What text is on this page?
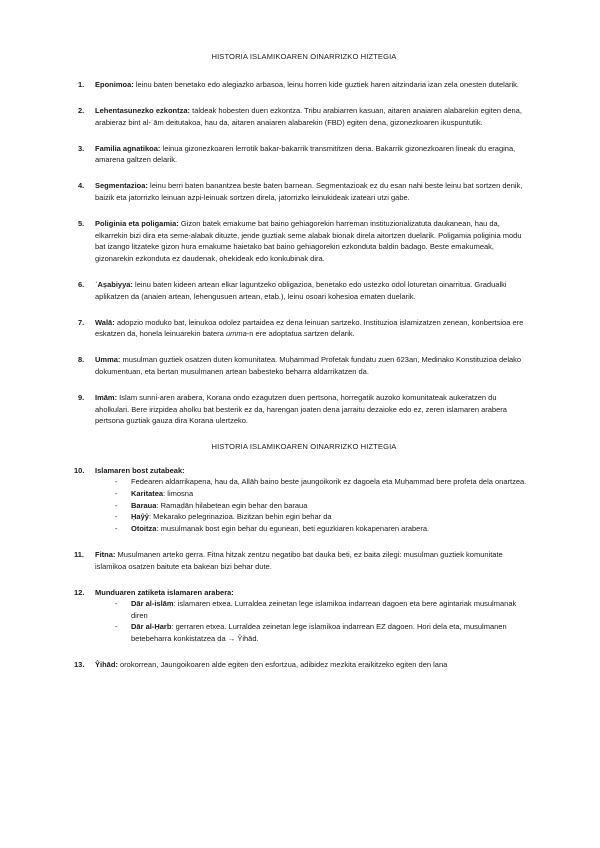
HISTORIA ISLAMIKOAREN OINARRIZKO HIZTEGIA
1. Eponimoa: leinu baten benetako edo alegiazko arbasoa, leinu horren kide guztiek haren aitzindaria izan zela onesten dutelarik.
2. Lehentasunezko ezkontza: taldeak hobesten duen ezkontza. Tribu arabiarren kasuan, aitaren anaiaren alabarekin egiten dena, arabieraz bint al-ʿām deitutakoa, hau da, aitaren anaiaren alabarekin (FBD) egiten dena, gizonezkoaren ikuspuntutik.
3. Familia agnatikoa: leinua gizonezkoaren lerrotik bakar-bakarrik transmititzen dena. Bakarrik gizonezkoaren lineak du eragina, amarena galtzen delarik.
4. Segmentazioa: leinu berri baten banantzea beste baten barnean. Segmentazioak ez du esan nahi beste leinu bat sortzen denik, baizik eta jatorrizko leinuan azpi-leinuak sortzen direla, jatorrizko leinukideak izateari utzi gabe.
5. Poliginia eta poligamia: Gizon batek emakume bat baino gehiagorekin harreman instituzionalizatuta daukanean, hau da, elkarrekin bizi dira eta seme-alabak dituzte, jende guztiak seme alabak bionak direla aitortzen duelarik. Poligamia poliginia modu bat izango litzateke gizon hura emakume haietako bat baino gehiagorekin ezkonduta baldin badago. Beste emakumeak, gizonarekin ezkonduta ez daudenak, ohekideak edo konkubinak dira.
6. ʿAṣabiyya: leinu baten kideen artean elkar laguntzeko obligazioa, benetako edo ustezko odol loturetan oinarritua. Gradualki aplikatzen da (anaien artean, lehengusuen artean, etab.), leinu osoari kohesioa ematen duelarik.
7. Walā: adopzio moduko bat, leinukoa odolez partaidea ez dena leinuan sartzeko. Instituzioa islamizatzen zenean, konbertsioa ere eskatzen da, honela leinuarekin batera umma-n ere adoptatua sartzen delarik.
8. Umma: musulman guztiek osatzen duten komunitatea. Muḥammad Profetak fundatu zuen 623an, Medinako Konstituzioa delako dokumentuan, eta bertan musulmanen artean babesteko beharra aldarrikatzen da.
9. Imām: Islam sunni-aren arabera, Korana ondo ezagutzen duen pertsona, horregatik auzoko komunitateak aukeratzen du aholkulari. Bere irizpidea aholku bat besterik ez da, harengan joaten dena jarraitu dezaioke edo ez, zeren islamaren arabera pertsona guztiak gauza dira Korana ulertzeko.
HISTORIA ISLAMIKOAREN OINARRIZKO HIZTEGIA
10. Islamaren bost zutabeak:
- Fedearen aldarrikapena, hau da, Allāh baino beste jaungoikorik ez dagoela eta Muḥammad bere profeta dela onartzea.
- Karitatea: limosna
- Baraua: Ramaḍān hilabetean egin behar den baraua
- Ḥaŷŷ: Mekarako pelegrinazioa. Bizitzan behin egin behar da
- Otoitza: musulmanak bost egin behar du egunean, beti eguzkiaren kokapenaren arabera.
11. Fitna: Musulmanen arteko gerra. Fitna hitzak zentzu negatibo bat dauka beti, ez baita zilegi: musulman guztiek komunitate islamikoa osatzen baitute eta bakean bizi behar dute.
12. Munduaren zatiketa islamaren arabera:
- Dār al-islām: islamaren etxea. Lurraldea zeinetan lege islamikoa indarrean dagoen eta bere agintariak musulmanak diren
- Dār al-Ḥarb: gerraren etxea. Lurraldea zeinetan lege islamikoa indarrean EZ dagoen. Hori dela eta, musulmanen betebeharra konkistatzea da → Ŷihād.
13. Ŷihād: orokorrean, Jaungoikoaren alde egiten den esfortzua, adibidez mezkita eraikitzeko egiten den lana
